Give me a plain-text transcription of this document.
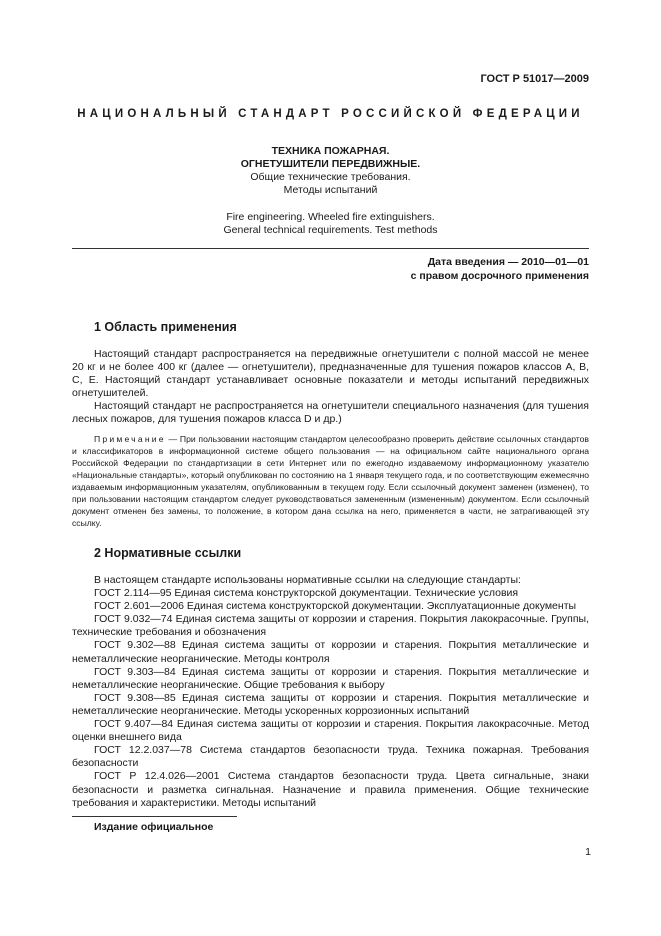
ГОСТ Р 51017—2009
НАЦИОНАЛЬНЫЙ СТАНДАРТ РОССИЙСКОЙ ФЕДЕРАЦИИ
ТЕХНИКА ПОЖАРНАЯ.
ОГНЕТУШИТЕЛИ ПЕРЕДВИЖНЫЕ.
Общие технические требования.
Методы испытаний
Fire engineering. Wheeled fire extinguishers.
General technical requirements. Test methods
Дата введения — 2010—01—01
с правом досрочного применения
1 Область применения

Настоящий стандарт распространяется на передвижные огнетушители с полной массой не менее 20 кг и не более 400 кг (далее — огнетушители), предназначенные для тушения пожаров классов А, В, С, Е. Настоящий стандарт устанавливает основные показатели и методы испытаний передвижных огнетушителей.

Настоящий стандарт не распространяется на огнетушители специального назначения (для тушения лесных пожаров, для тушения пожаров класса D и др.)

Примечание — При пользовании настоящим стандартом целесообразно проверить действие ссылочных стандартов и классификаторов в информационной системе общего пользования — на официальном сайте национального органа Российской Федерации по стандартизации в сети Интернет или по ежегодно издаваемому информационному указателю «Национальные стандарты», который опубликован по состоянию на 1 января текущего года, и по соответствующим ежемесячно издаваемым информационным указателям, опубликованным в текущем году. Если ссылочный документ заменен (изменен), то при пользовании настоящим стандартом следует руководствоваться замененным (измененным) документом. Если ссылочный документ отменен без замены, то положение, в котором дана ссылка на него, применяется в части, не затрагивающей эту ссылку.
2 Нормативные ссылки

В настоящем стандарте использованы нормативные ссылки на следующие стандарты:

ГОСТ 2.114—95 Единая система конструкторской документации. Технические условия

ГОСТ 2.601—2006 Единая система конструкторской документации. Эксплуатационные документы

ГОСТ 9.032—74 Единая система защиты от коррозии и старения. Покрытия лакокрасочные. Группы, технические требования и обозначения

ГОСТ 9.302—88 Единая система защиты от коррозии и старения. Покрытия металлические и неметаллические неорганические. Методы контроля

ГОСТ 9.303—84 Единая система защиты от коррозии и старения. Покрытия металлические и неметаллические неорганические. Общие требования к выбору

ГОСТ 9.308—85 Единая система защиты от коррозии и старения. Покрытия металлические и неметаллические неорганические. Методы ускоренных коррозионных испытаний

ГОСТ 9.407—84 Единая система защиты от коррозии и старения. Покрытия лакокрасочные. Метод оценки внешнего вида

ГОСТ 12.2.037—78 Система стандартов безопасности труда. Техника пожарная. Требования безопасности

ГОСТ Р 12.4.026—2001 Система стандартов безопасности труда. Цвета сигнальные, знаки безопасности и разметка сигнальная. Назначение и правила применения. Общие технические требования и характеристики. Методы испытаний

Издание официальное
1
